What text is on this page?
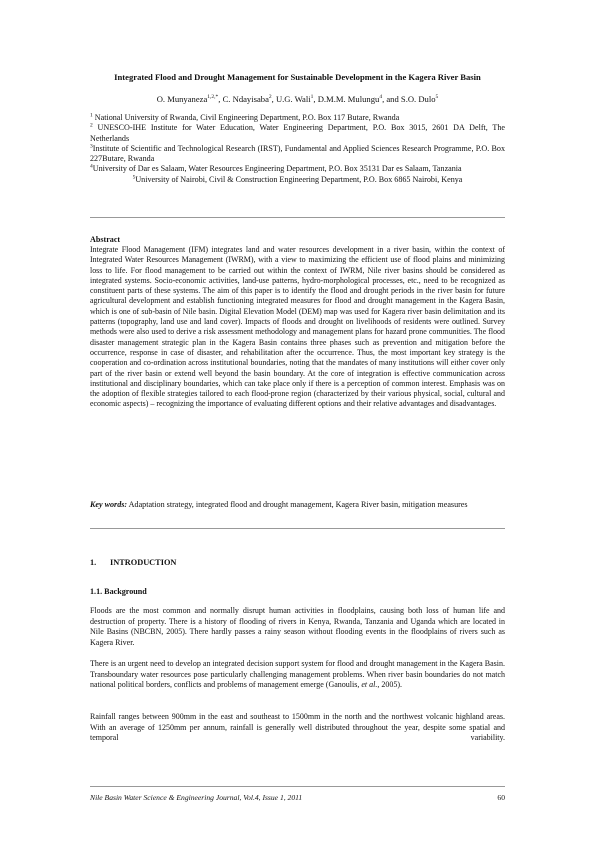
Integrated Flood and Drought Management for Sustainable Development in the Kagera River Basin
O. Munyaneza$^{1,2,*}$, C. Ndayisaba$^2$, U.G. Wali$^1$, D.M.M. Mulungu$^4$, and S.O. Dulo$^5$
$^1$ National University of Rwanda, Civil Engineering Department, P.O. Box 117 Butare, Rwanda
$^2$ UNESCO-IHE Institute for Water Education, Water Engineering Department, P.O. Box 3015, 2601 DA Delft, The Netherlands
$^3$Institute of Scientific and Technological Research (IRST), Fundamental and Applied Sciences Research Programme, P.O. Box 227Butare, Rwanda
$^4$University of Dar es Salaam, Water Resources Engineering Department, P.O. Box 35131 Dar es Salaam, Tanzania
$^5$University of Nairobi, Civil & Construction Engineering Department, P.O. Box 6865 Nairobi, Kenya
Abstract
Integrate Flood Management (IFM) integrates land and water resources development in a river basin, within the context of Integrated Water Resources Management (IWRM), with a view to maximizing the efficient use of flood plains and minimizing loss to life. For flood management to be carried out within the context of IWRM, Nile river basins should be considered as integrated systems. Socio-economic activities, land-use patterns, hydro-morphological processes, etc., need to be recognized as constituent parts of these systems. The aim of this paper is to identify the flood and drought periods in the river basin for future agricultural development and establish functioning integrated measures for flood and drought management in the Kagera Basin, which is one of sub-basin of Nile basin. Digital Elevation Model (DEM) map was used for Kagera river basin delimitation and its patterns (topography, land use and land cover). Impacts of floods and drought on livelihoods of residents were outlined. Survey methods were also used to derive a risk assessment methodology and management plans for hazard prone communities. The flood disaster management strategic plan in the Kagera Basin contains three phases such as prevention and mitigation before the occurrence, response in case of disaster, and rehabilitation after the occurrence. Thus, the most important key strategy is the cooperation and co-ordination across institutional boundaries, noting that the mandates of many institutions will either cover only part of the river basin or extend well beyond the basin boundary. At the core of integration is effective communication across institutional and disciplinary boundaries, which can take place only if there is a perception of common interest. Emphasis was on the adoption of flexible strategies tailored to each flood-prone region (characterized by their various physical, social, cultural and economic aspects) – recognizing the importance of evaluating different options and their relative advantages and disadvantages.
Key words: Adaptation strategy, integrated flood and drought management, Kagera River basin, mitigation measures
1. INTRODUCTION
1.1. Background
Floods are the most common and normally disrupt human activities in floodplains, causing both loss of human life and destruction of property. There is a history of flooding of rivers in Kenya, Rwanda, Tanzania and Uganda which are located in Nile Basins (NBCBN, 2005). There hardly passes a rainy season without flooding events in the floodplains of rivers such as Kagera River.
There is an urgent need to develop an integrated decision support system for flood and drought management in the Kagera Basin. Transboundary water resources pose particularly challenging management problems. When river basin boundaries do not match national political borders, conflicts and problems of management emerge (Ganoulis, et al., 2005).
Rainfall ranges between 900mm in the east and southeast to 1500mm in the north and the northwest volcanic highland areas. With an average of 1250mm per annum, rainfall is generally well distributed throughout the year, despite some spatial and temporal variability.
Nile Basin Water Science & Engineering Journal, Vol.4, Issue 1, 2011	60
